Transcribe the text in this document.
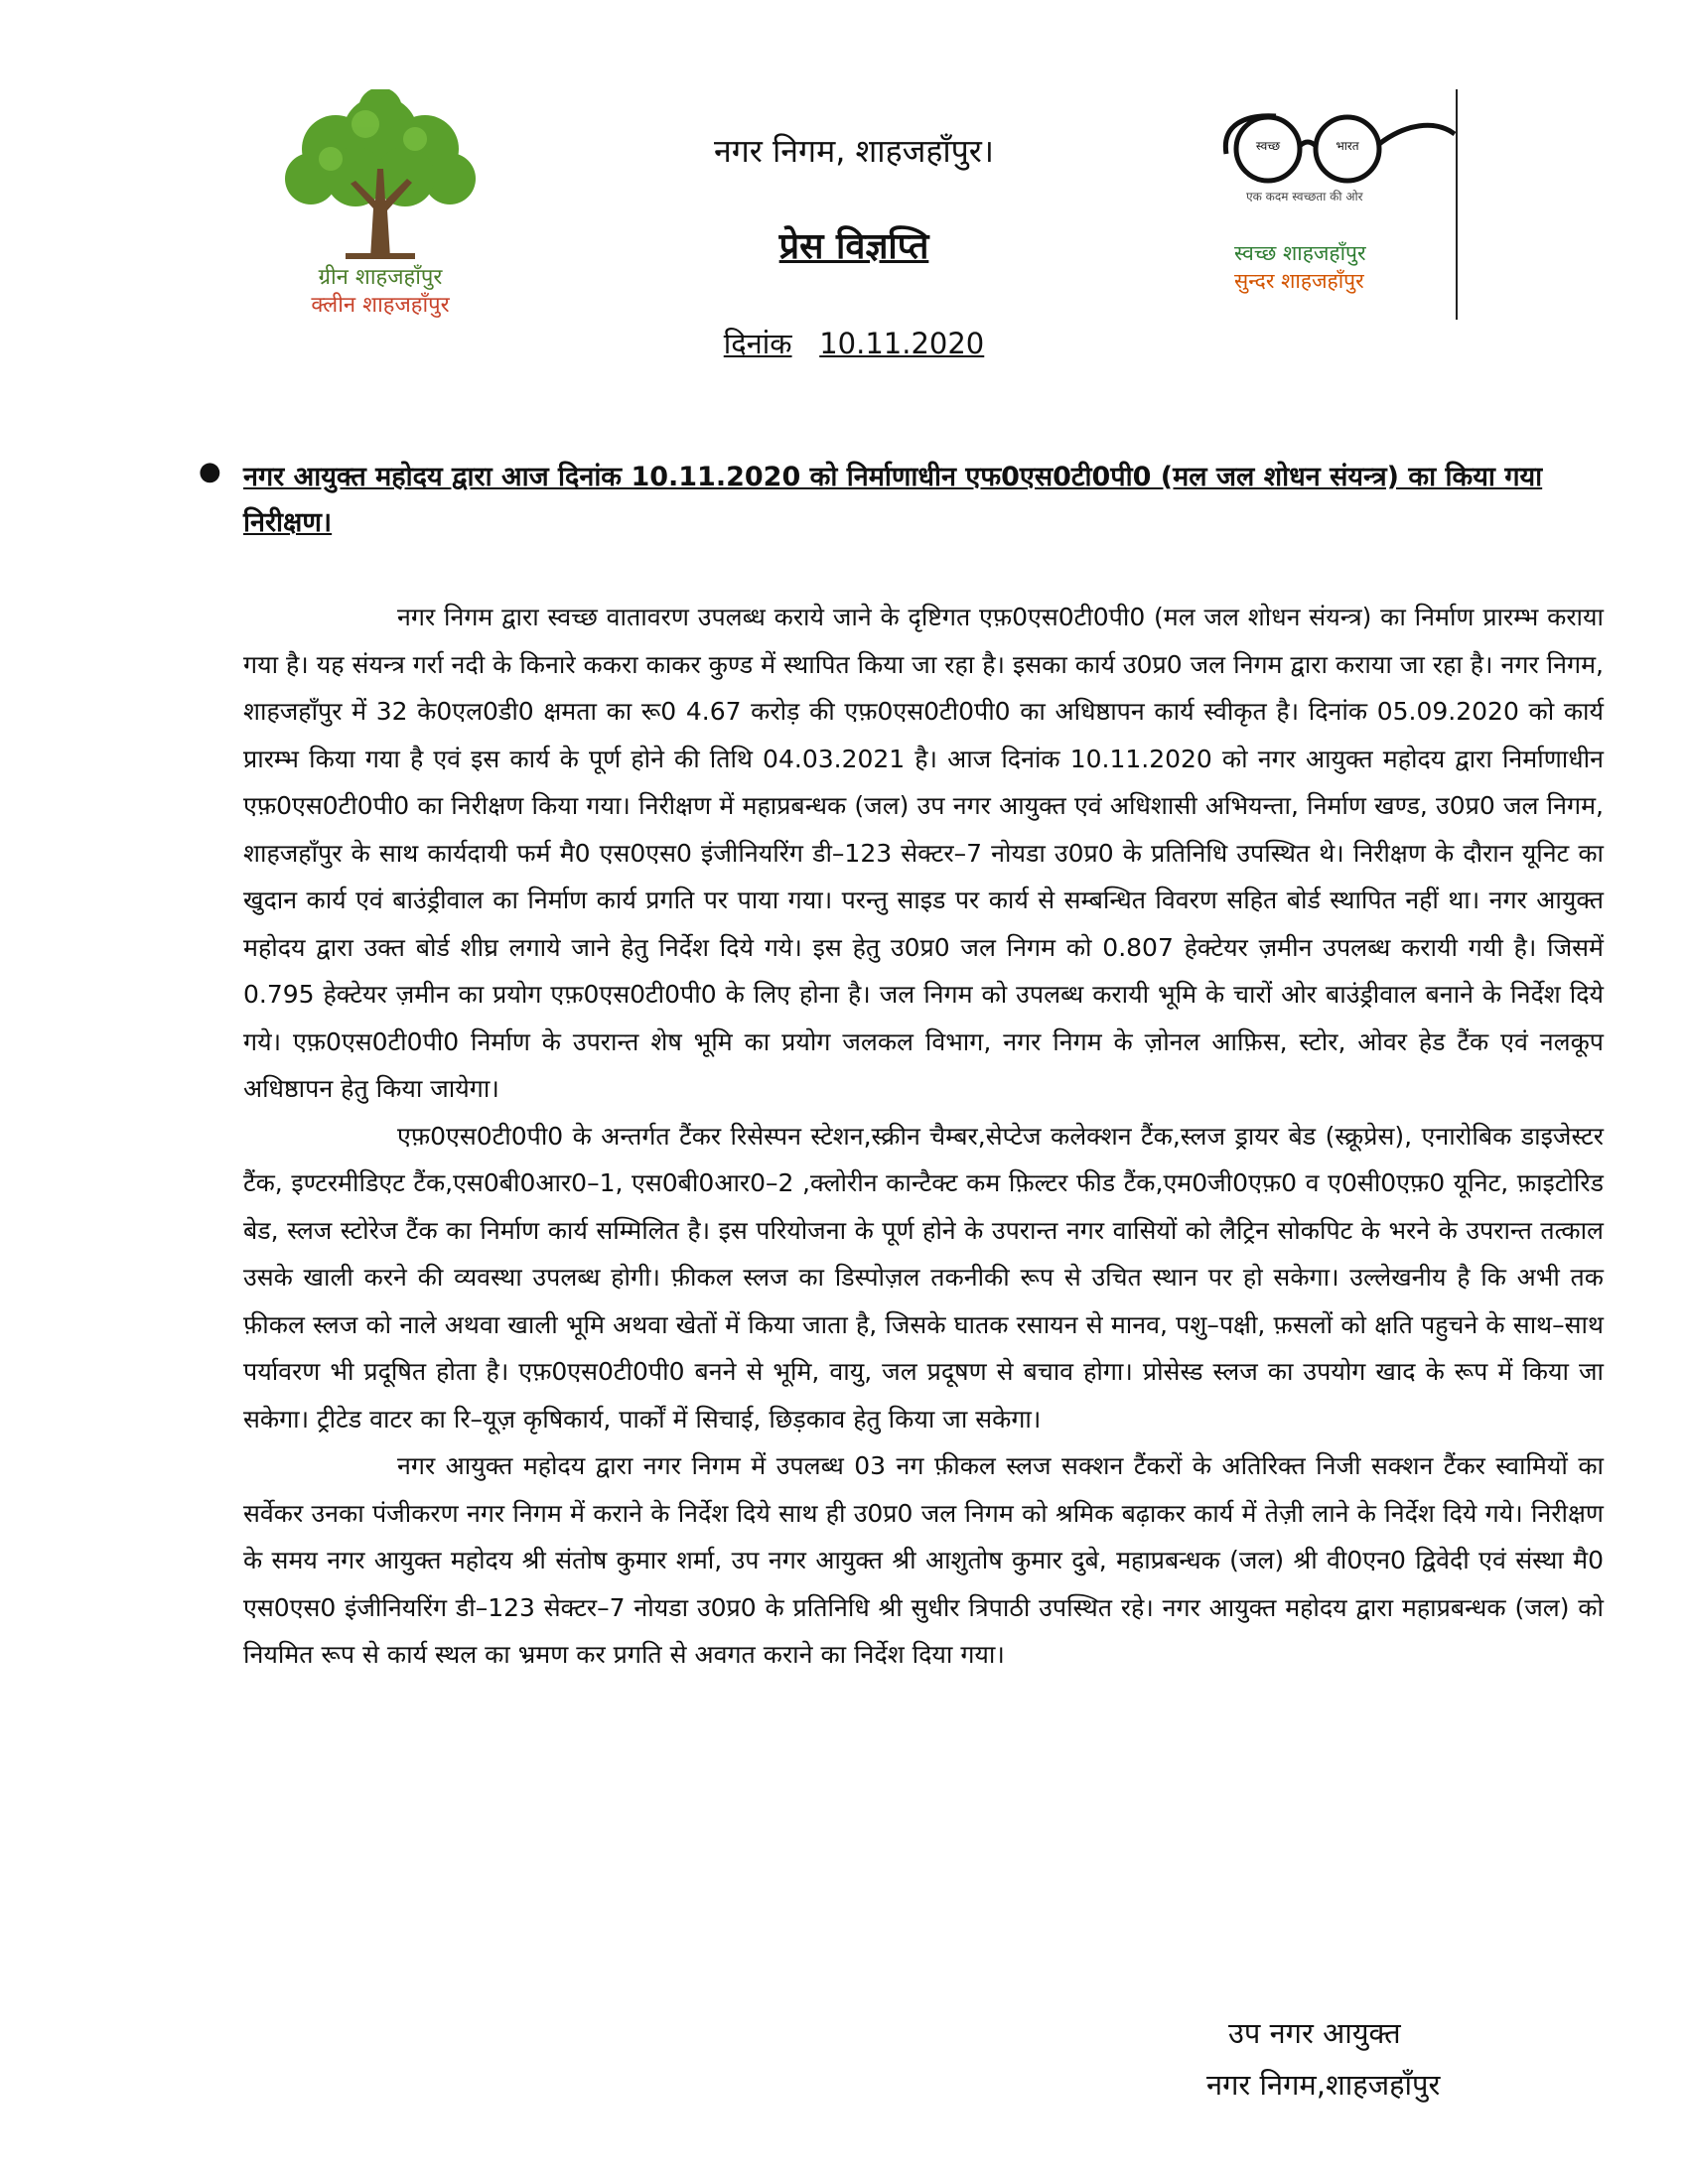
ग्रीन शाहजहाँपुर
क्लीन शाहजहाँपुर
नगर निगम, शाहजहाँपुर।
प्रेस विज्ञप्ति
दिनांक 10.11.2020
स्वच्छ	भारत
एक कदम स्वच्छता की ओर
स्वच्छ शाहजहाँपुर
सुन्दर शाहजहाँपुर
● नगर आयुक्त महोदय द्वारा आज दिनांक 10.11.2020 को निर्माणाधीन एफ0एस0टी0पी0 (मल जल शोधन संयन्त्र) का किया गया निरीक्षण।

नगर निगम द्वारा स्वच्छ वातावरण उपलब्ध कराये जाने के दृष्टिगत एफ़0एस0टी0पी0 (मल जल शोधन संयन्त्र) का निर्माण प्रारम्भ कराया गया है। यह संयन्त्र गर्रा नदी के किनारे ककरा काकर कुण्ड में स्थापित किया जा रहा है। इसका कार्य उ0प्र0 जल निगम द्वारा कराया जा रहा है। नगर निगम, शाहजहाँपुर में 32 के0एल0डी0 क्षमता का रू0 4.67 करोड़ की एफ़0एस0टी0पी0 का अधिष्ठापन कार्य स्वीकृत है। दिनांक 05.09.2020 को कार्य प्रारम्भ किया गया है एवं इस कार्य के पूर्ण होने की तिथि 04.03.2021 है। आज दिनांक 10.11.2020 को नगर आयुक्त महोदय द्वारा निर्माणाधीन एफ़0एस0टी0पी0 का निरीक्षण किया गया। निरीक्षण में महाप्रबन्धक (जल) उप नगर आयुक्त एवं अधिशासी अभियन्ता, निर्माण खण्ड, उ0प्र0 जल निगम, शाहजहाँपुर के साथ कार्यदायी फर्म मै0 एस0एस0 इंजीनियरिंग डी–123 सेक्टर–7 नोयडा उ0प्र0 के प्रतिनिधि उपस्थित थे। निरीक्षण के दौरान यूनिट का खुदान कार्य एवं बाउंड्रीवाल का निर्माण कार्य प्रगति पर पाया गया। परन्तु साइड पर कार्य से सम्बन्धित विवरण सहित बोर्ड स्थापित नहीं था। नगर आयुक्त महोदय द्वारा उक्त बोर्ड शीघ्र लगाये जाने हेतु निर्देश दिये गये। इस हेतु उ0प्र0 जल निगम को 0.807 हेक्टेयर ज़मीन उपलब्ध करायी गयी है। जिसमें 0.795 हेक्टेयर ज़मीन का प्रयोग एफ़0एस0टी0पी0 के लिए होना है। जल निगम को उपलब्ध करायी भूमि के चारों ओर बाउंड्रीवाल बनाने के निर्देश दिये गये। एफ़0एस0टी0पी0 निर्माण के उपरान्त शेष भूमि का प्रयोग जलकल विभाग, नगर निगम के ज़ोनल आफ़िस, स्टोर, ओवर हेड टैंक एवं नलकूप अधिष्ठापन हेतु किया जायेगा।

एफ़0एस0टी0पी0 के अन्तर्गत टैंकर रिसेस्पन स्टेशन,स्क्रीन चैम्बर,सेप्टेज कलेक्शन टैंक,स्लज ड्रायर बेड (स्क्रूप्रेस), एनारोबिक डाइजेस्टर टैंक, इण्टरमीडिएट टैंक,एस0बी0आर0–1, एस0बी0आर0–2 ,क्लोरीन कान्टैक्ट कम फ़िल्टर फीड टैंक,एम0जी0एफ़0 व ए0सी0एफ़0 यूनिट, फ़ाइटोरिड बेड, स्लज स्टोरेज टैंक का निर्माण कार्य सम्मिलित है। इस परियोजना के पूर्ण होने के उपरान्त नगर वासियों को लैट्रिन सोकपिट के भरने के उपरान्त तत्काल उसके खाली करने की व्यवस्था उपलब्ध होगी। फ़ीकल स्लज का डिस्पोज़ल तकनीकी रूप से उचित स्थान पर हो सकेगा। उल्लेखनीय है कि अभी तक फ़ीकल स्लज को नाले अथवा खाली भूमि अथवा खेतों में किया जाता है, जिसके घातक रसायन से मानव, पशु–पक्षी, फ़सलों को क्षति पहुचने के साथ–साथ पर्यावरण भी प्रदूषित होता है। एफ़0एस0टी0पी0 बनने से भूमि, वायु, जल प्रदूषण से बचाव होगा। प्रोसेस्ड स्लज का उपयोग खाद के रूप में किया जा सकेगा। ट्रीटेड वाटर का रि–यूज़ कृषिकार्य, पार्कों में सिचाई, छिड़काव हेतु किया जा सकेगा।

नगर आयुक्त महोदय द्वारा नगर निगम में उपलब्ध 03 नग फ़ीकल स्लज सक्शन टैंकरों के अतिरिक्त निजी सक्शन टैंकर स्वामियों का सर्वेकर उनका पंजीकरण नगर निगम में कराने के निर्देश दिये साथ ही उ0प्र0 जल निगम को श्रमिक बढ़ाकर कार्य में तेज़ी लाने के निर्देश दिये गये। निरीक्षण के समय नगर आयुक्त महोदय श्री संतोष कुमार शर्मा, उप नगर आयुक्त श्री आशुतोष कुमार दुबे, महाप्रबन्धक (जल) श्री वी0एन0 द्विवेदी एवं संस्था मै0 एस0एस0 इंजीनियरिंग डी–123 सेक्टर–7 नोयडा उ0प्र0 के प्रतिनिधि श्री सुधीर त्रिपाठी उपस्थित रहे। नगर आयुक्त महोदय द्वारा महाप्रबन्धक (जल) को नियमित रूप से कार्य स्थल का भ्रमण कर प्रगति से अवगत कराने का निर्देश दिया गया।

उप नगर आयुक्त
नगर निगम,शाहजहाँपुर
